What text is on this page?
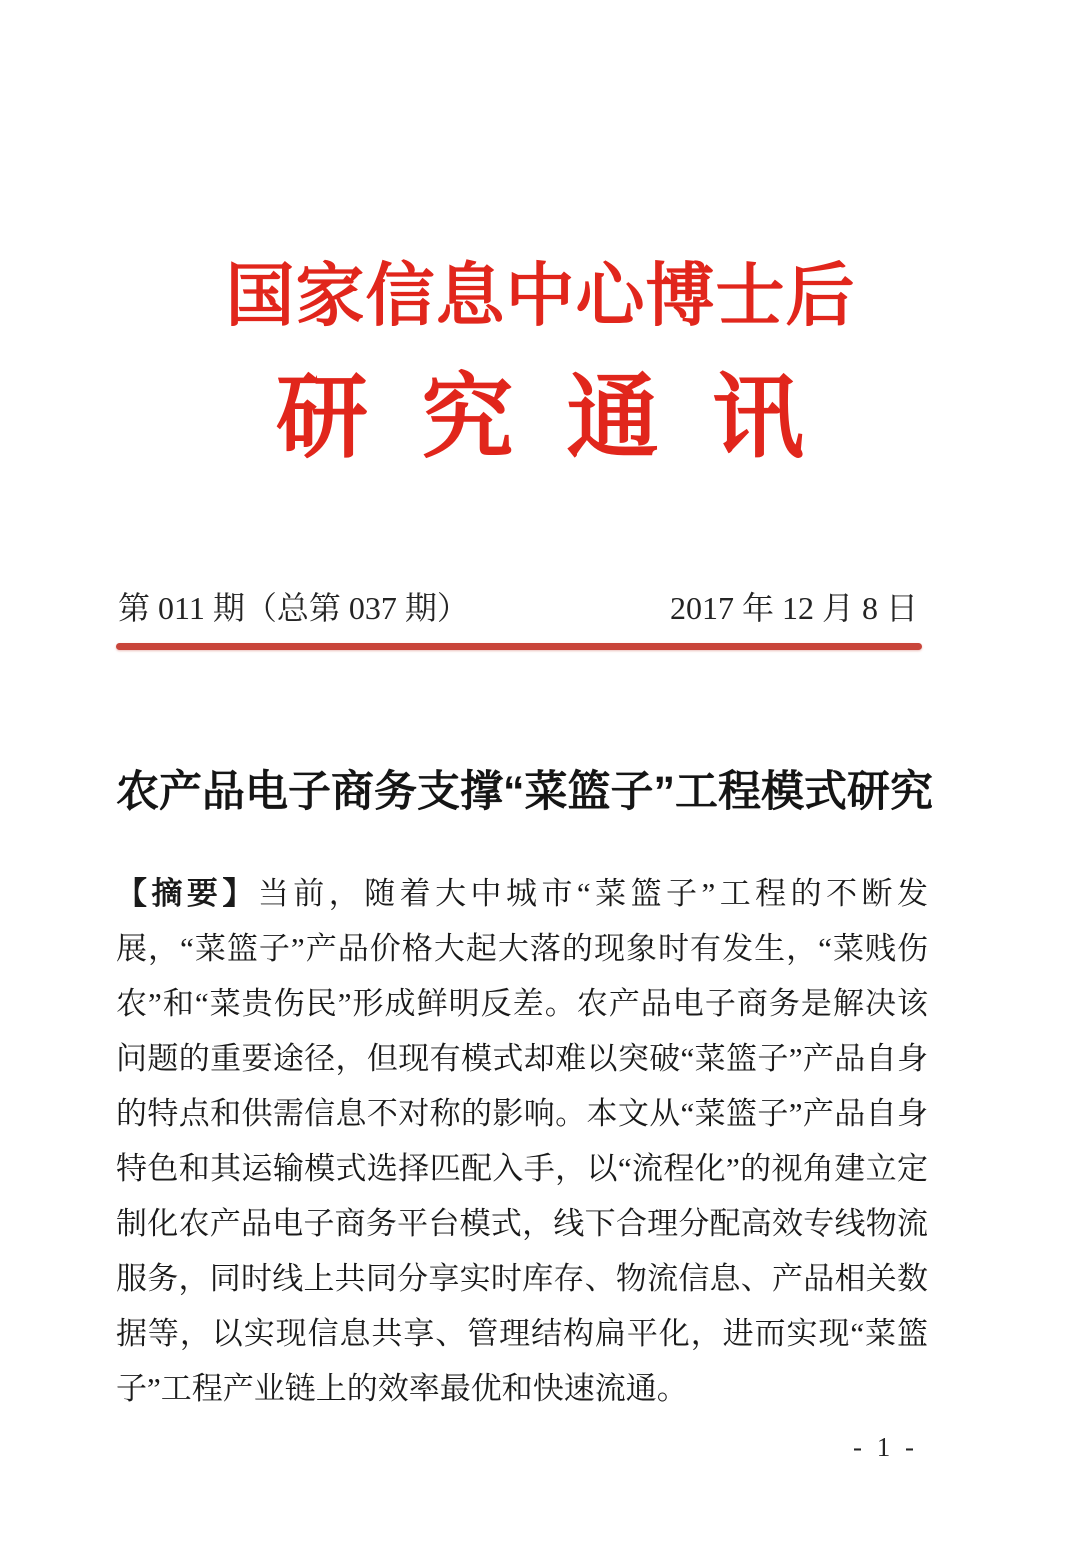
国家信息中心博士后
研究通讯
第 011 期（总第 037 期）	2017 年 12 月 8 日
农产品电子商务支撑“菜篮子”工程模式研究

【摘要】当前，随着大中城市“菜篮子”工程的不断发展，“菜篮子”产品价格大起大落的现象时有发生，“菜贱伤农”和“菜贵伤民”形成鲜明反差。农产品电子商务是解决该问题的重要途径，但现有模式却难以突破“菜篮子”产品自身的特点和供需信息不对称的影响。本文从“菜篮子”产品自身特色和其运输模式选择匹配入手，以“流程化”的视角建立定制化农产品电子商务平台模式，线下合理分配高效专线物流服务，同时线上共同分享实时库存、物流信息、产品相关数据等，以实现信息共享、管理结构扁平化，进而实现“菜篮子”工程产业链上的效率最优和快速流通。

- 1 -
